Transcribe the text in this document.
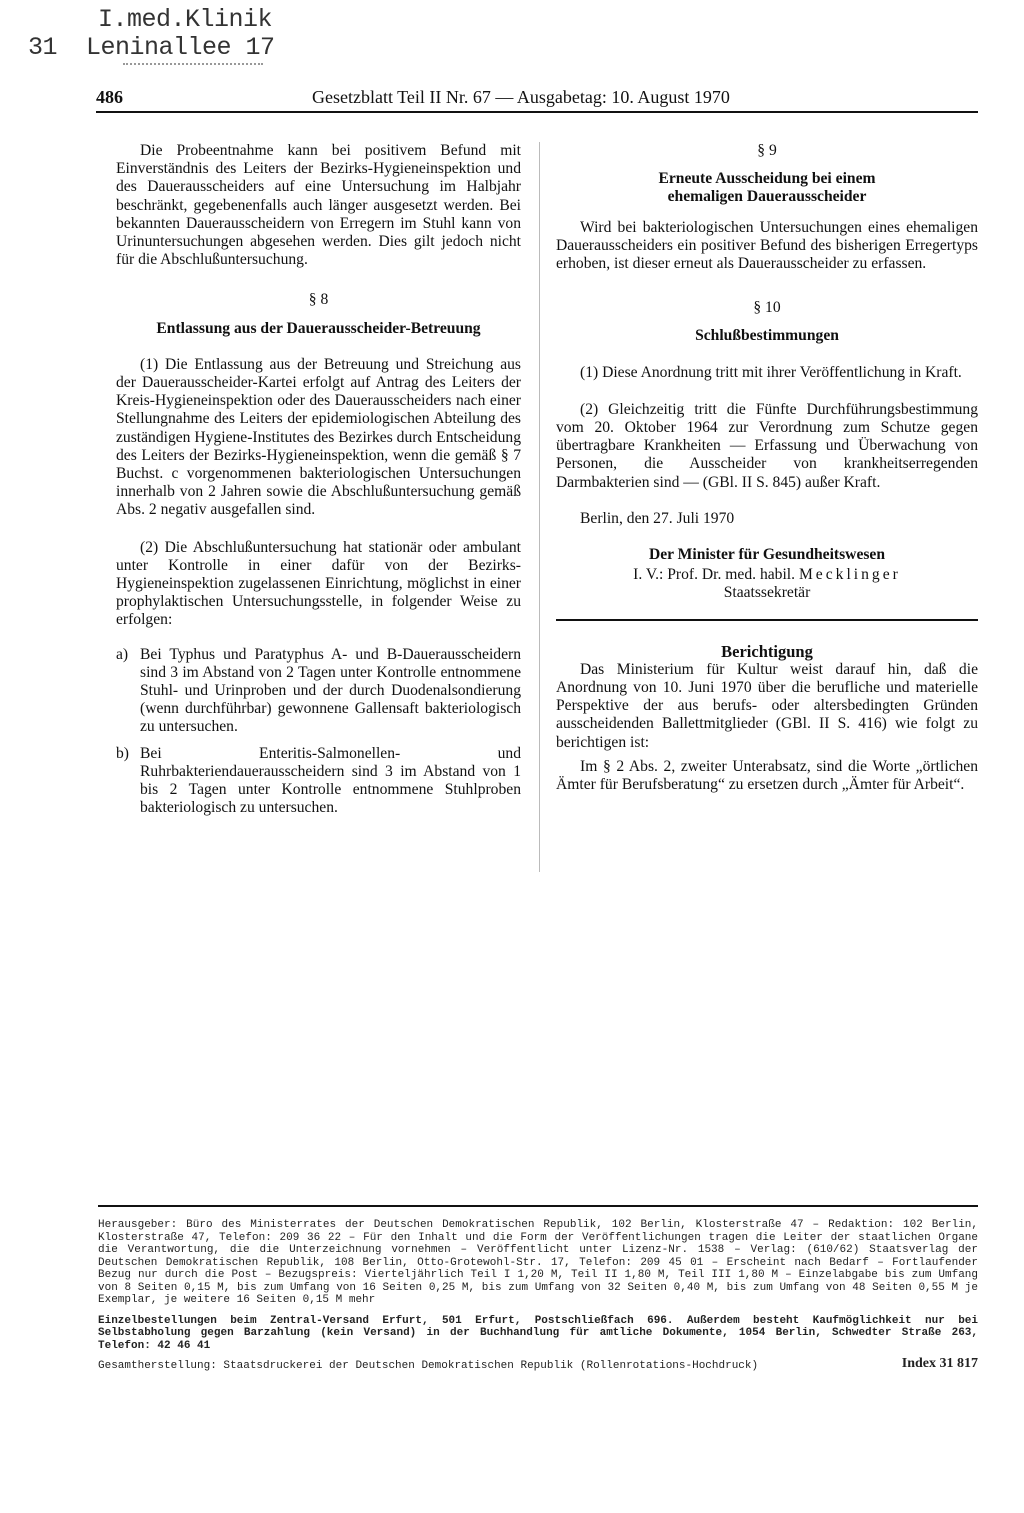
I.med.Klinik
31 Leninallee 17
486	Gesetzblatt Teil II Nr. 67 — Ausgabetag: 10. August 1970

Die Probeentnahme kann bei positivem Befund mit Einverständnis des Leiters der Bezirks-Hygieneinspektion und des Dauerausscheiders auf eine Untersuchung im Halbjahr beschränkt, gegebenenfalls auch länger ausgesetzt werden. Bei bekannten Dauerausscheidern von Erregern im Stuhl kann von Urinuntersuchungen abgesehen werden. Dies gilt jedoch nicht für die Abschlußuntersuchung.

§ 8

Entlassung aus der Dauerausscheider-Betreuung

(1) Die Entlassung aus der Betreuung und Streichung aus der Dauerausscheider-Kartei erfolgt auf Antrag des Leiters der Kreis-Hygieneinspektion oder des Dauerausscheiders nach einer Stellungnahme des Leiters der epidemiologischen Abteilung des zuständigen Hygiene-Institutes des Bezirkes durch Entscheidung des Leiters der Bezirks-Hygieneinspektion, wenn die gemäß § 7 Buchst. c vorgenommenen bakteriologischen Untersuchungen innerhalb von 2 Jahren sowie die Abschlußuntersuchung gemäß Abs. 2 negativ ausgefallen sind.

(2) Die Abschlußuntersuchung hat stationär oder ambulant unter Kontrolle in einer dafür von der Bezirks-Hygieneinspektion zugelassenen Einrichtung, möglichst in einer prophylaktischen Untersuchungsstelle, in folgender Weise zu erfolgen:

a) Bei Typhus und Paratyphus A- und B-Dauerausscheidern sind 3 im Abstand von 2 Tagen unter Kontrolle entnommene Stuhl- und Urinproben und der durch Duodenalsondierung (wenn durchführbar) gewonnene Gallensaft bakteriologisch zu untersuchen.
b) Bei Enteritis-Salmonellen- und Ruhrbakteriendauerausscheidern sind 3 im Abstand von 1 bis 2 Tagen unter Kontrolle entnommene Stuhlproben bakteriologisch zu untersuchen.

§ 9

Erneute Ausscheidung bei einem
ehemaligen Dauerausscheider

Wird bei bakteriologischen Untersuchungen eines ehemaligen Dauerausscheiders ein positiver Befund des bisherigen Erregertyps erhoben, ist dieser erneut als Dauerausscheider zu erfassen.

§ 10

Schlußbestimmungen

(1) Diese Anordnung tritt mit ihrer Veröffentlichung in Kraft.

(2) Gleichzeitig tritt die Fünfte Durchführungsbestimmung vom 20. Oktober 1964 zur Verordnung zum Schutze gegen übertragbare Krankheiten — Erfassung und Überwachung von Personen, die Ausscheider von krankheitserregenden Darmbakterien sind — (GBl. II S. 845) außer Kraft.

Berlin, den 27. Juli 1970

Der Minister für Gesundheitswesen

I. V.: Prof. Dr. med. habil. Mecklinger

Staatssekretär

Berichtigung

Das Ministerium für Kultur weist darauf hin, daß die Anordnung von 10. Juni 1970 über die berufliche und materielle Perspektive der aus berufs- oder altersbedingten Gründen ausscheidenden Ballettmitglieder (GBl. II S. 416) wie folgt zu berichtigen ist:

Im § 2 Abs. 2, zweiter Unterabsatz, sind die Worte „örtlichen Ämter für Berufsberatung“ zu ersetzen durch „Ämter für Arbeit“.

Herausgeber: Büro des Ministerrates der Deutschen Demokratischen Republik, 102 Berlin, Klosterstraße 47 – Redaktion: 102 Berlin, Klosterstraße 47, Telefon: 209 36 22 – Für den Inhalt und die Form der Veröffentlichungen tragen die Leiter der staatlichen Organe die Verantwortung, die die Unterzeichnung vornehmen – Veröffentlicht unter Lizenz-Nr. 1538 – Verlag: (610/62) Staatsverlag der Deutschen Demokratischen Republik, 108 Berlin, Otto-Grotewohl-Str. 17, Telefon: 209 45 01 – Erscheint nach Bedarf – Fortlaufender Bezug nur durch die Post – Bezugspreis: Vierteljährlich Teil I 1,20 M, Teil II 1,80 M, Teil III 1,80 M – Einzelabgabe bis zum Umfang von 8 Seiten 0,15 M, bis zum Umfang von 16 Seiten 0,25 M, bis zum Umfang von 32 Seiten 0,40 M, bis zum Umfang von 48 Seiten 0,55 M je Exemplar, je weitere 16 Seiten 0,15 M mehr

Einzelbestellungen beim Zentral-Versand Erfurt, 501 Erfurt, Postschließfach 696. Außerdem besteht Kaufmöglichkeit nur bei Selbstabholung gegen Barzahlung (kein Versand) in der Buchhandlung für amtliche Dokumente, 1054 Berlin, Schwedter Straße 263, Telefon: 42 46 41

Gesamtherstellung: Staatsdruckerei der Deutschen Demokratischen Republik (Rollenrotations-Hochdruck)	Index 31 817
